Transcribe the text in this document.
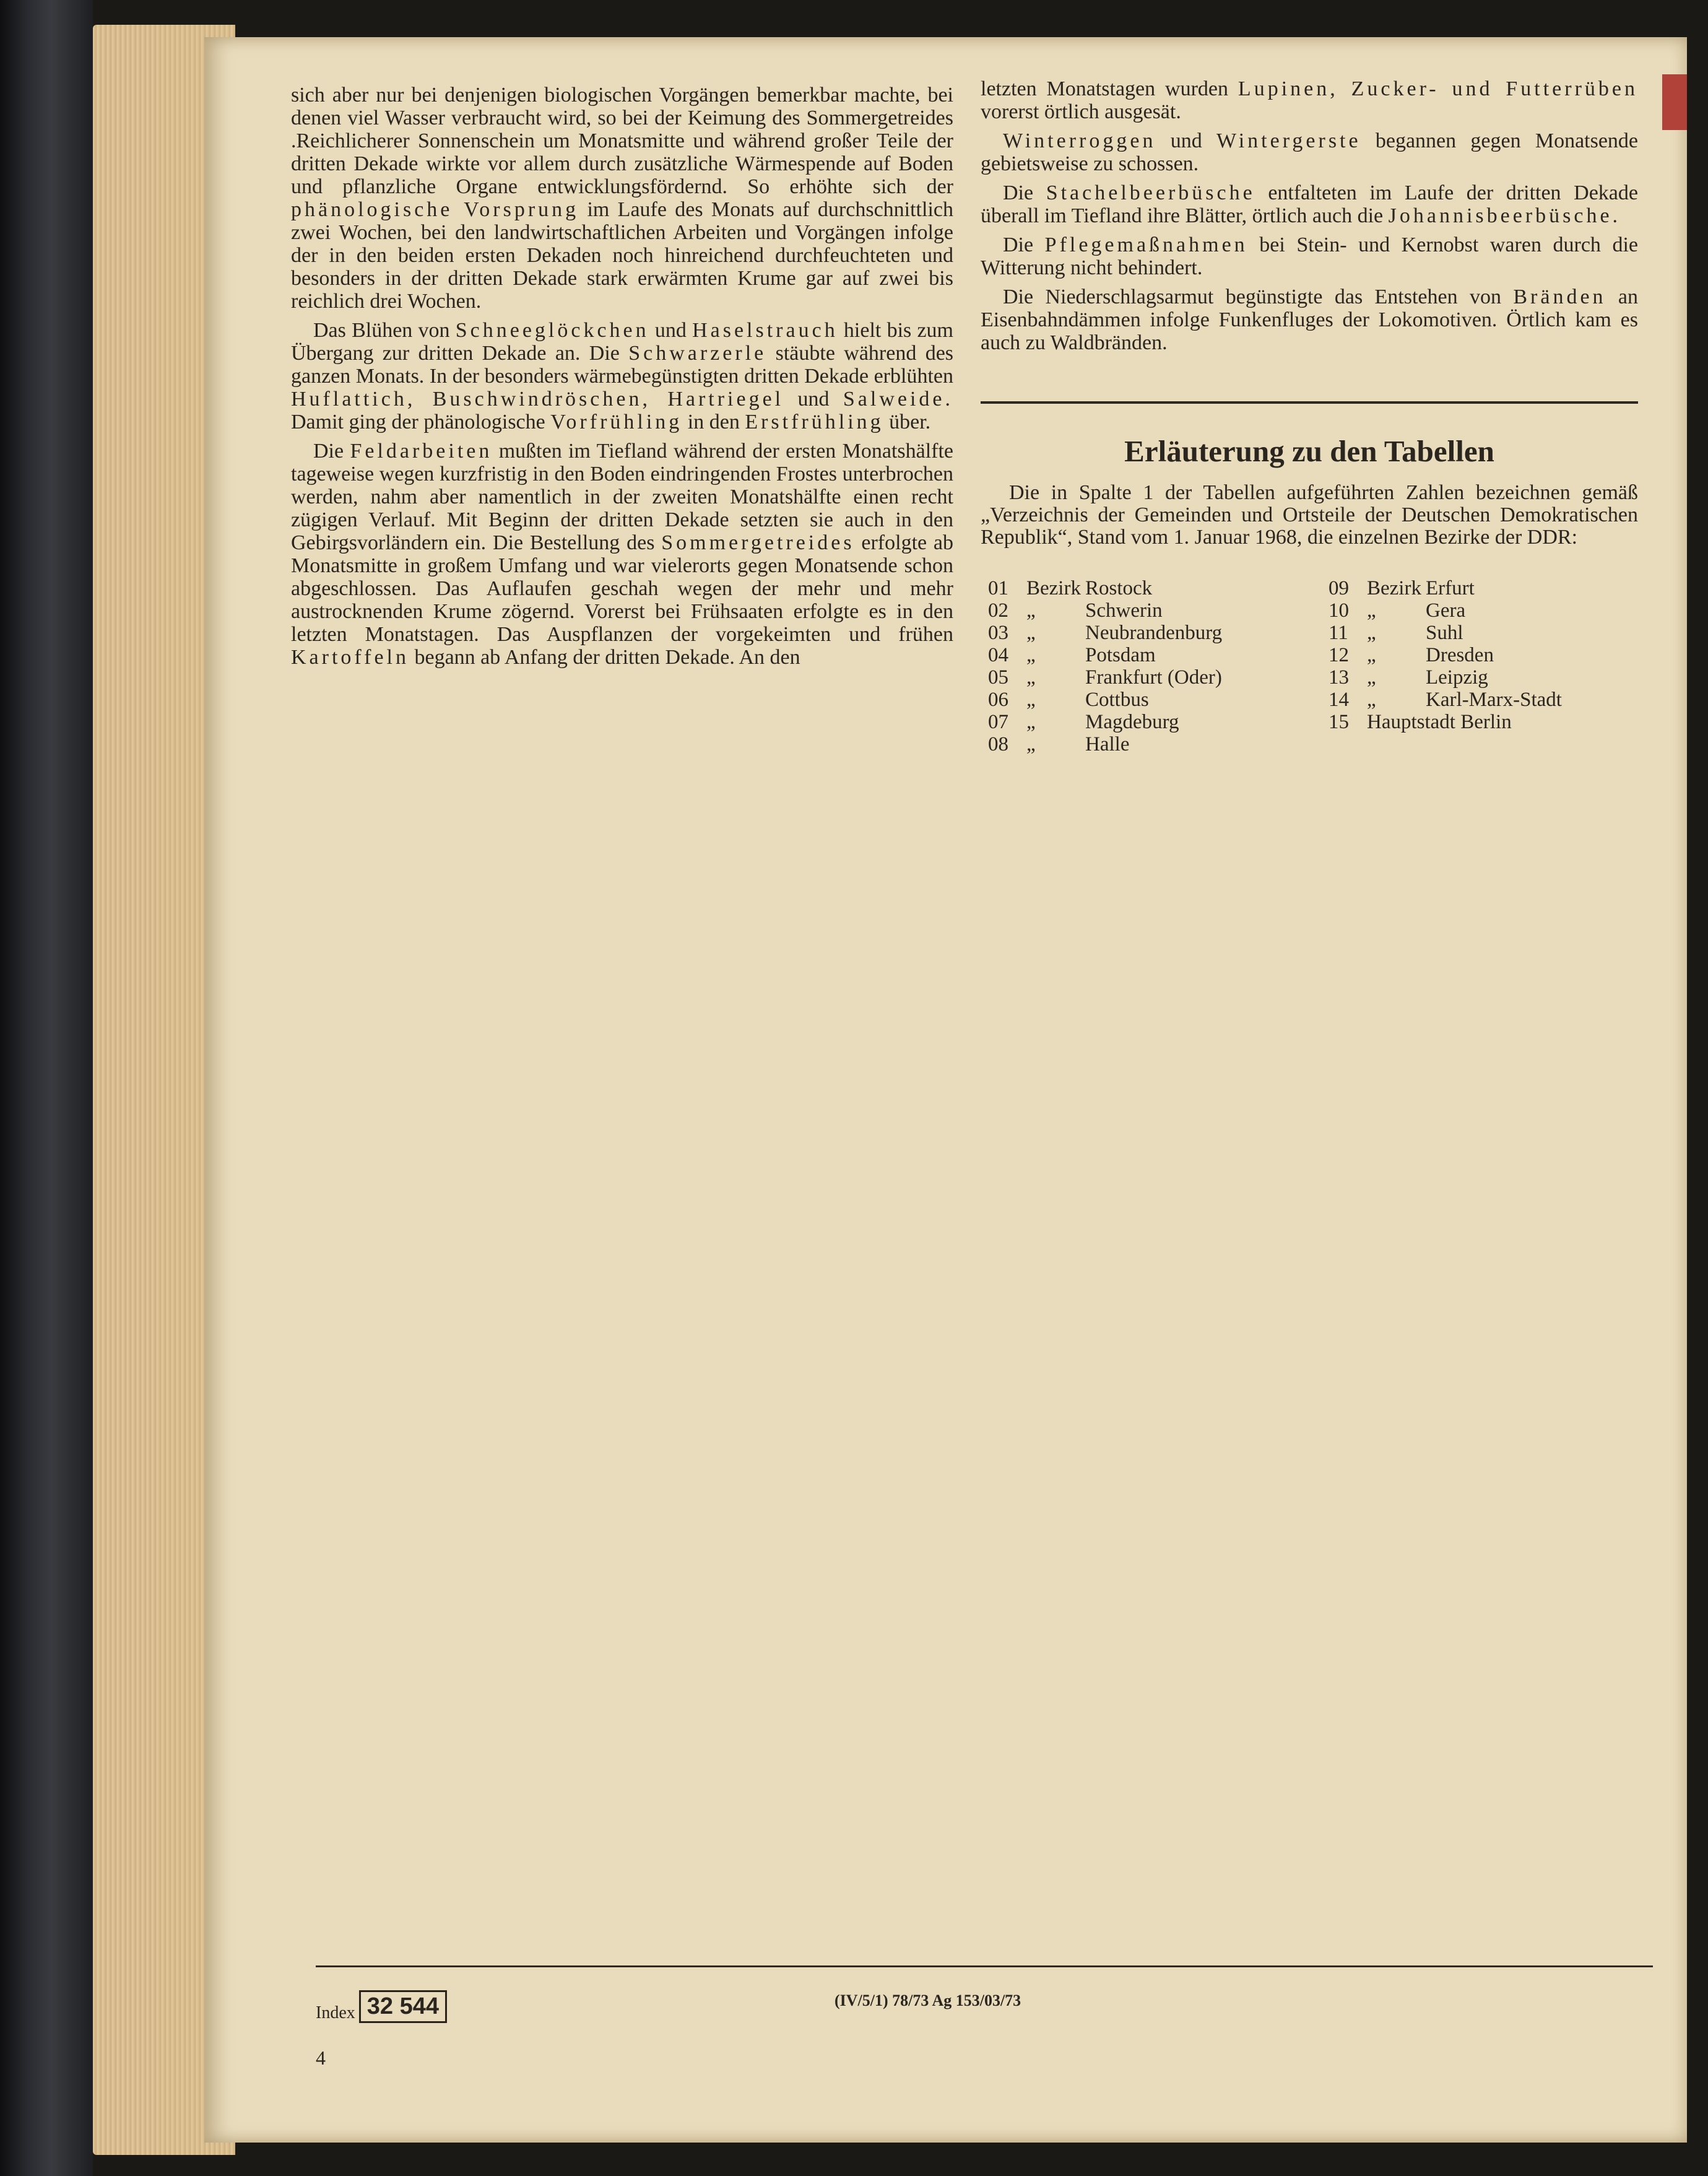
sich aber nur bei denjenigen biologischen Vorgängen bemerkbar machte, bei denen viel Wasser verbraucht wird, so bei der Keimung des Sommergetreides .Reichlicherer Sonnenschein um Monatsmitte und während großer Teile der dritten Dekade wirkte vor allem durch zusätzliche Wärmespende auf Boden und pflanzliche Organe entwicklungsfördernd. So erhöhte sich der phänologische Vorsprung im Laufe des Monats auf durchschnittlich zwei Wochen, bei den landwirtschaftlichen Arbeiten und Vorgängen infolge der in den beiden ersten Dekaden noch hinreichend durchfeuchteten und besonders in der dritten Dekade stark erwärmten Krume gar auf zwei bis reichlich drei Wochen.

Das Blühen von Schneeglöckchen und Haselstrauch hielt bis zum Übergang zur dritten Dekade an. Die Schwarzerle stäubte während des ganzen Monats. In der besonders wärmebegünstigten dritten Dekade erblühten Huflattich, Buschwindröschen, Hartriegel und Salweide. Damit ging der phänologische Vorfrühling in den Erstfrühling über.

Die Feldarbeiten mußten im Tiefland während der ersten Monatshälfte tageweise wegen kurzfristig in den Boden eindringenden Frostes unterbrochen werden, nahm aber namentlich in der zweiten Monatshälfte einen recht zügigen Verlauf. Mit Beginn der dritten Dekade setzten sie auch in den Gebirgsvorländern ein. Die Bestellung des Sommergetreides erfolgte ab Monatsmitte in großem Umfang und war vielerorts gegen Monatsende schon abgeschlossen. Das Auflaufen geschah wegen der mehr und mehr austrocknenden Krume zögernd. Vorerst bei Frühsaaten erfolgte es in den letzten Monatstagen. Das Auspflanzen der vorgekeimten und frühen Kartoffeln begann ab Anfang der dritten Dekade. An den

letzten Monatstagen wurden Lupinen, Zucker- und Futterrüben vorerst örtlich ausgesät.

Winterroggen und Wintergerste begannen gegen Monatsende gebietsweise zu schossen.

Die Stachelbeerbüsche entfalteten im Laufe der dritten Dekade überall im Tiefland ihre Blätter, örtlich auch die Johannisbeerbüsche.

Die Pflegemaßnahmen bei Stein- und Kernobst waren durch die Witterung nicht behindert.

Die Niederschlagsarmut begünstigte das Entstehen von Bränden an Eisenbahndämmen infolge Funkenfluges der Lokomotiven. Örtlich kam es auch zu Waldbränden.

Erläuterung zu den Tabellen
Die in Spalte 1 der Tabellen aufgeführten Zahlen bezeichnen gemäß „Verzeichnis der Gemeinden und Ortsteile der Deutschen Demokratischen Republik“, Stand vom 1. Januar 1968, die einzelnen Bezirke der DDR:
01 Bezirk Rostock
02 „	Schwerin
03 „	Neubrandenburg
04 „	Potsdam
05 „	Frankfurt (Oder)
06 „	Cottbus
07 „	Magdeburg
08 „	Halle
09 Bezirk Erfurt
10 „	Gera
11 „	Suhl
12 „	Dresden
13 „	Leipzig
14 „	Karl-Marx-Stadt
15 Hauptstadt Berlin
Index 32 544	(IV/5/1) 78/73 Ag 153/03/73
4
